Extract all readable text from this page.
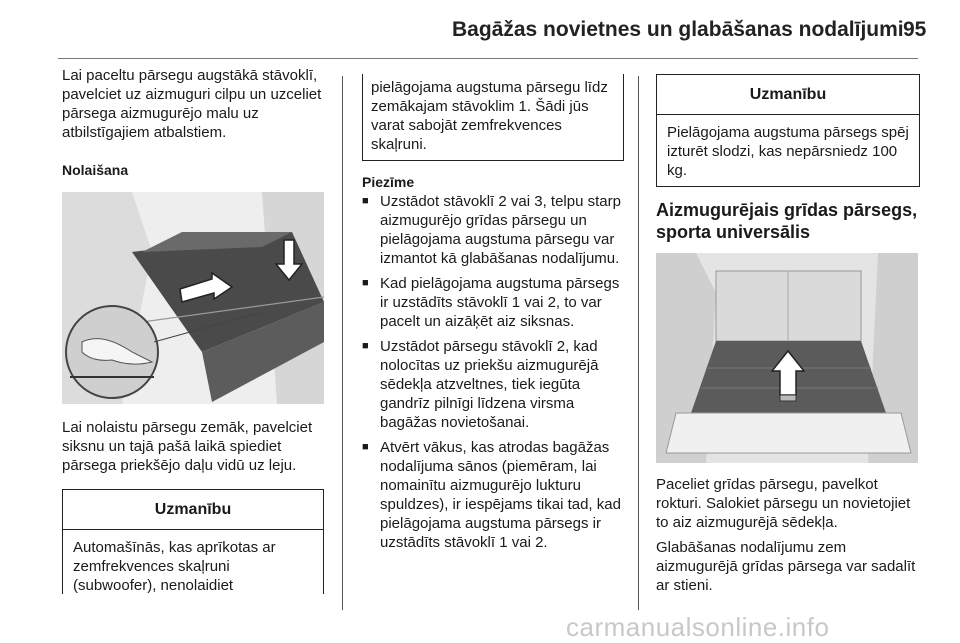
Bagāžas novietnes un glabāšanas nodalījumi 95

Lai paceltu pārsegu augstākā stāvoklī, pavelciet uz aizmuguri cilpu un uzceliet pārsega aizmugurējo malu uz atbilstīgajiem atbalstiem.

Nolaišana

Lai nolaistu pārsegu zemāk, pavelciet siksnu un tajā pašā laikā spiediet pārsega priekšējo daļu vidū uz leju.

Uzmanību
Automašīnās, kas aprīkotas ar zemfrekvences skaļruni (subwoofer), nenolaidiet

pielāgojama augstuma pārsegu līdz zemākajam stāvoklim 1. Šādi jūs varat sabojāt zemfrekvences skaļruni.

Piezīme

■ Uzstādot stāvoklī 2 vai 3, telpu starp aizmugurējo grīdas pārsegu un pielāgojama augstuma pārsegu var izmantot kā glabāšanas nodalījumu.
■ Kad pielāgojama augstuma pārsegs ir uzstādīts stāvoklī 1 vai 2, to var pacelt un aizāķēt aiz siksnas.
■ Uzstādot pārsegu stāvoklī 2, kad nolocītas uz priekšu aizmugurējā sēdekļa atzveltnes, tiek iegūta gandrīz pilnīgi līdzena virsma bagāžas novietošanai.
■ Atvērt vākus, kas atrodas bagāžas nodalījuma sānos (piemēram, lai nomainītu aizmugurējo lukturu spuldzes), ir iespējams tikai tad, kad pielāgojama augstuma pārsegs ir uzstādīts stāvoklī 1 vai 2.
Uzmanību
Pielāgojama augstuma pārsegs spēj izturēt slodzi, kas nepārsniedz 100 kg.

Aizmugurējais grīdas pārsegs, sporta universālis

Paceliet grīdas pārsegu, pavelkot rokturi. Salokiet pārsegu un novietojiet to aiz aizmugurējā sēdekļa.

Glabāšanas nodalījumu zem aizmugurējā grīdas pārsega var sadalīt ar stieni.

carmanualsonline.info
